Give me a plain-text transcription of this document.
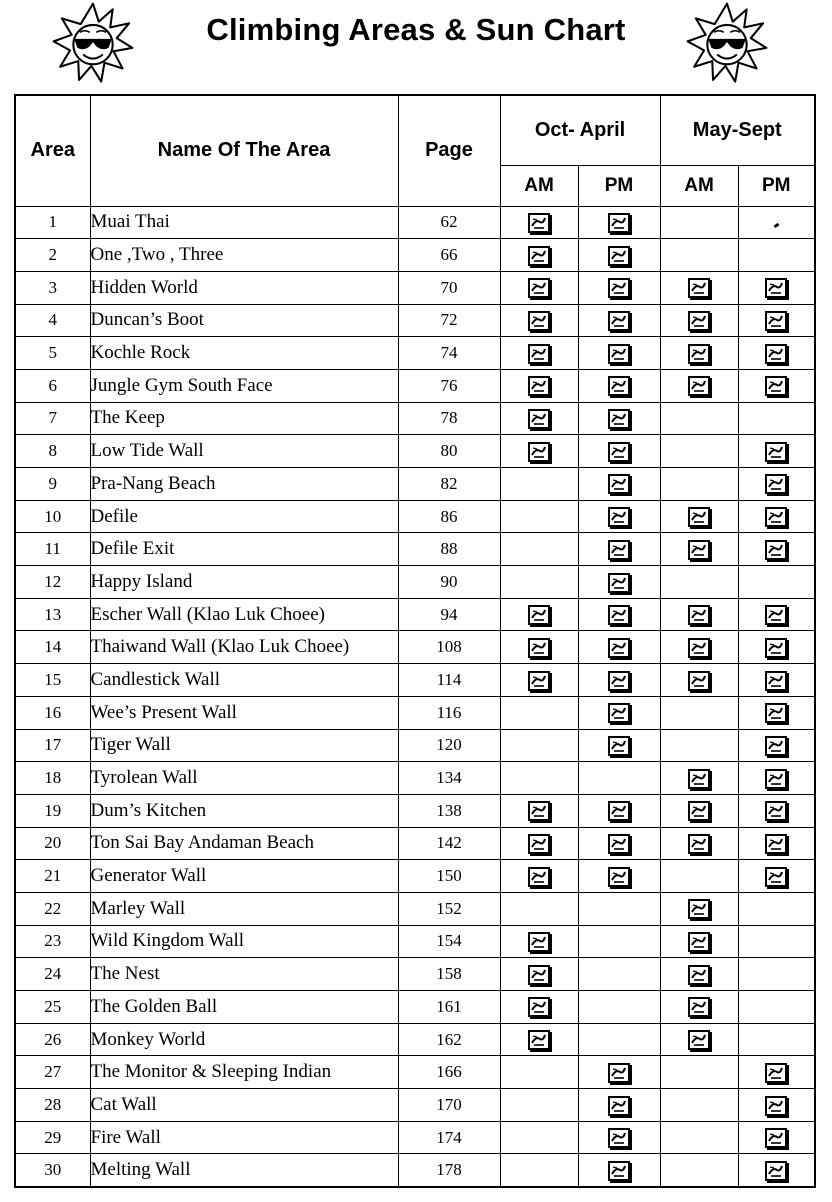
Climbing Areas & Sun Chart
Area	Name Of The Area	Page	Oct- April		May-Sept	
			AM	PM	AM	PM
1	Muai Thai	62	

2	One ,Two , Three	66	

3	Hidden World	70	

4	Duncan’s Boot	72	

5	Kochle Rock	74	

6	Jungle Gym South Face	76	

7	The Keep	78	

8	Low Tide Wall	80	

9	Pra-Nang Beach	82		

10	Defile	86		

11	Defile Exit	88		

12	Happy Island	90		

13	Escher Wall (Klao Luk Choee)	94	

14	Thaiwand Wall (Klao Luk Choee)	108	

15	Candlestick Wall	114	

16	Wee’s Present Wall	116		

17	Tiger Wall	120		

18	Tyrolean Wall	134			

19	Dum’s Kitchen	138	

20	Ton Sai Bay Andaman Beach	142	

21	Generator Wall	150	

22	Marley Wall	152			

23	Wild Kingdom Wall	154	

24	The Nest	158	

25	The Golden Ball	161	

26	Monkey World	162	

27	The Monitor & Sleeping Indian	166		

28	Cat Wall	170		

29	Fire Wall	174		

30	Melting Wall	178		
